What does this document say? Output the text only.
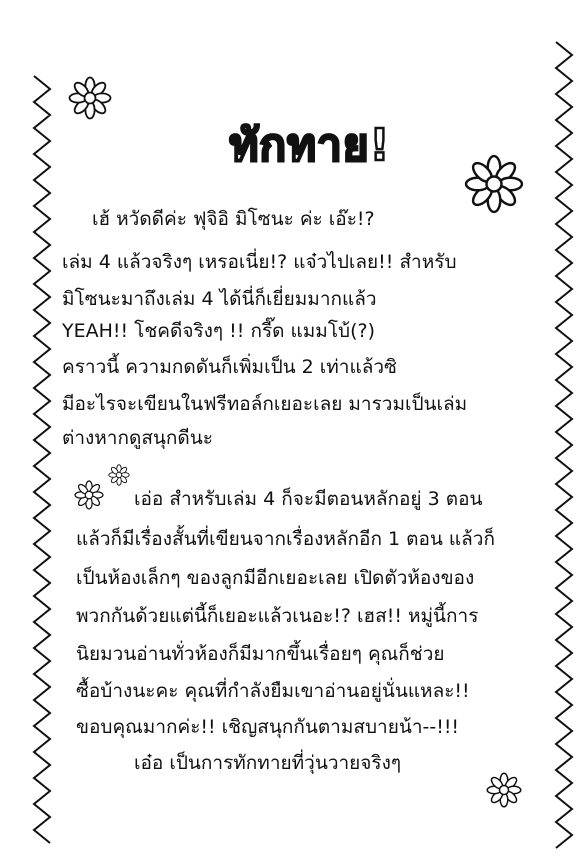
ทักทาย!
เฮ้ หวัดดีค่ะ ฟุจิอิ มิโซนะ ค่ะ เอ๊ะ!?
เล่ม 4 แล้วจริงๆ เหรอเนี่ย!? แจ๋วไปเลย!! สำหรับ
มิโซนะมาถึงเล่ม 4 ได้นี่ก็เยี่ยมมากแล้ว
YEAH!! โชคดีจริงๆ !! กรี๊ด แมมโบ้(?)
คราวนี้ ความกดดันก็เพิ่มเป็น 2 เท่าแล้วซิ
มีอะไรจะเขียนในฟรีทอล์กเยอะเลย มารวมเป็นเล่ม
ต่างหากดูสนุกดีนะ
เอ่อ สำหรับเล่ม 4 ก็จะมีตอนหลักอยู่ 3 ตอน
แล้วก็มีเรื่องสั้นที่เขียนจากเรื่องหลักอีก 1 ตอน แล้วก็
เป็นห้องเล็กๆ ของลูกมีอีกเยอะเลย เปิดตัวห้องของ
พวกกันด้วยแต่นี้ก็เยอะแล้วเนอะ!? เฮส!! หมู่นี้การ
นิยมวนอ่านทั่วห้องก็มีมากขึ้นเรื่อยๆ คุณก็ช่วย
ซื้อบ้างนะคะ คุณที่กำลังยืมเขาอ่านอยู่นั่นแหละ!!
ขอบคุณมากค่ะ!! เชิญสนุกกันตามสบายน้า--!!!
เอ๋อ เป็นการทักทายที่วุ่นวายจริงๆ
